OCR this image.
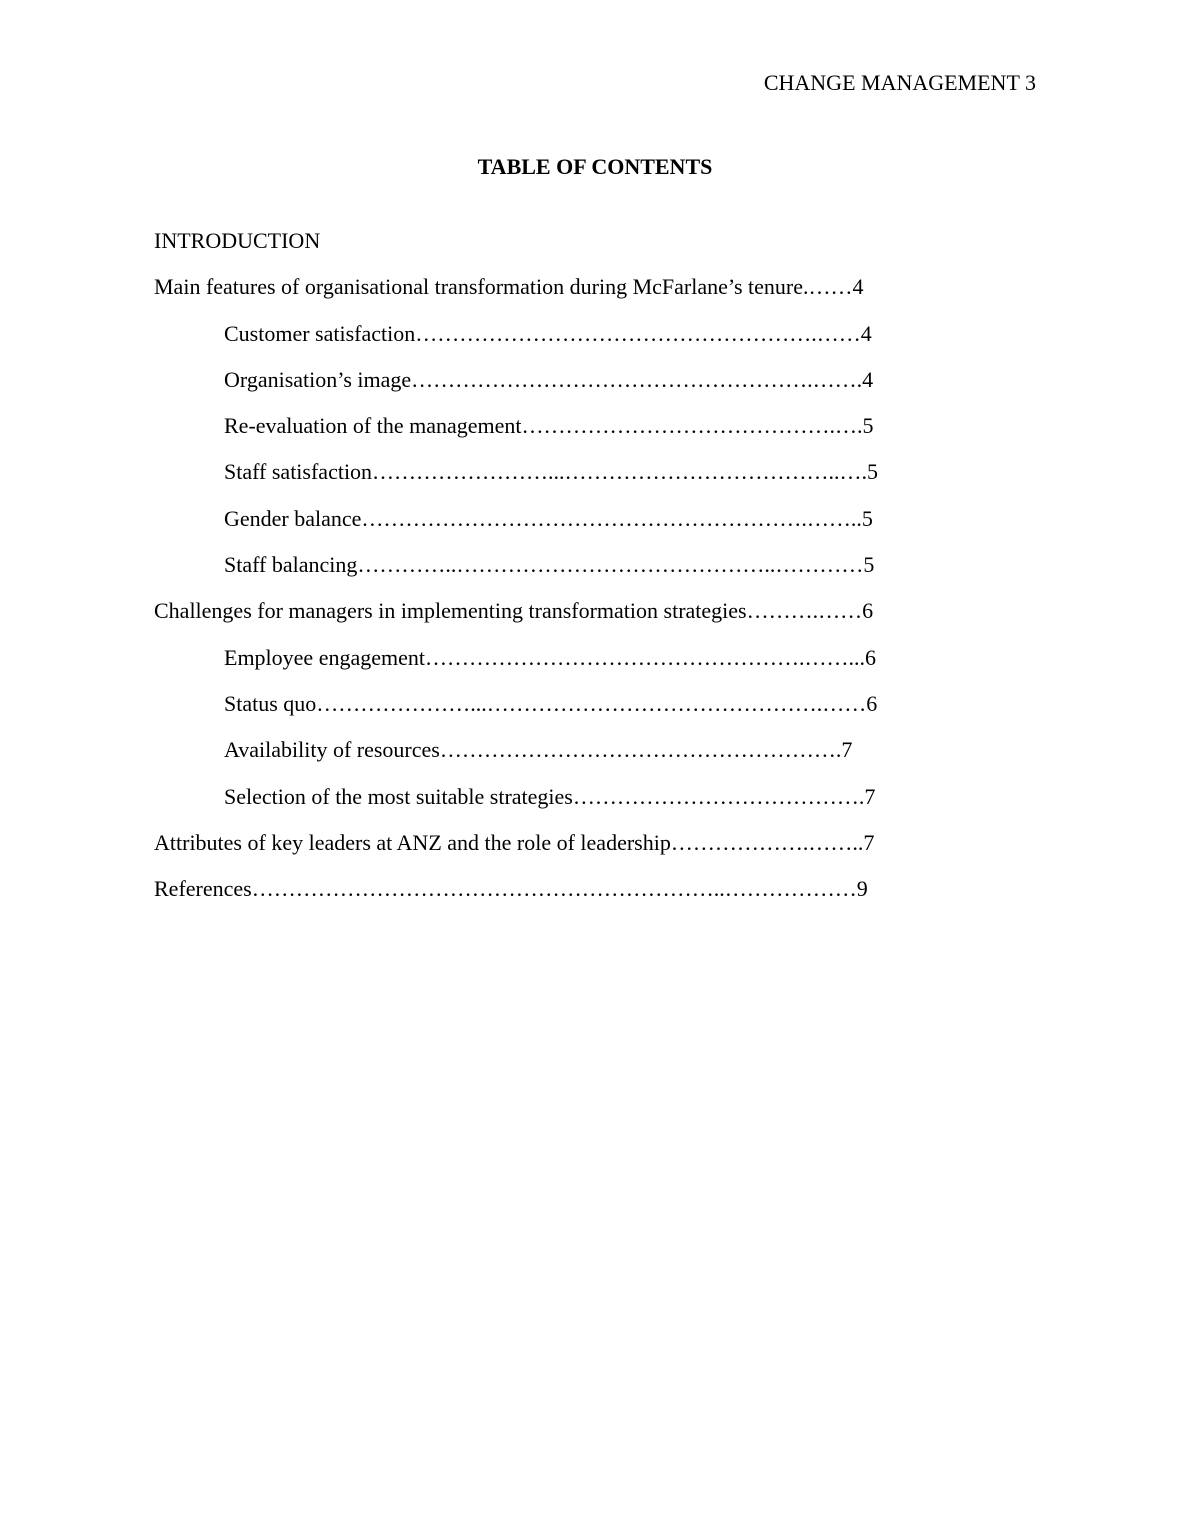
CHANGE MANAGEMENT 3
TABLE OF CONTENTS
INTRODUCTION
Main features of organisational transformation during McFarlane’s tenure.……4
Customer satisfaction……………………………………………….……4
Organisation’s image……………………………………………….…….4
Re-evaluation of the management…………………………………….….5
Staff satisfaction……………………...………………………………..….5
Gender balance…………………………………………………….……..5
Staff balancing…………..……………………………………..…………5
Challenges for managers in implementing transformation strategies……….……6
Employee engagement…………………………………………….……...6
Status quo…………………...……………………………………….……6
Availability of resources……………………………………………….7
Selection of the most suitable strategies………………………………….7
Attributes of key leaders at ANZ and the role of leadership……………….……..7
References………………………………………………………..………………9
